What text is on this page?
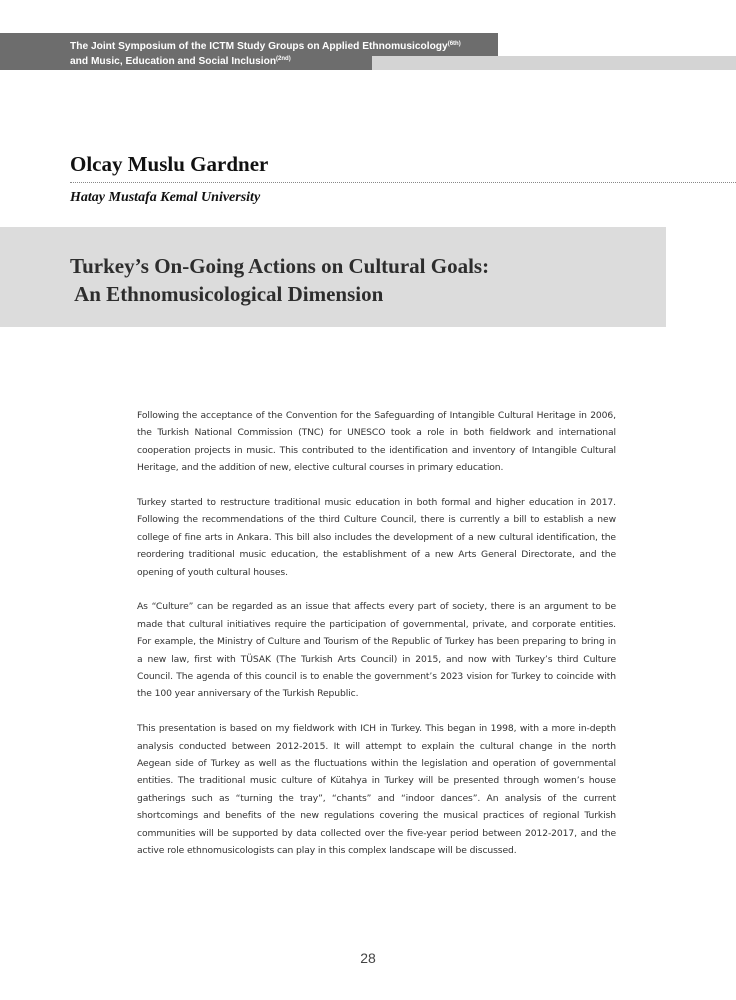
The Joint Symposium of the ICTM Study Groups on Applied Ethnomusicology$^{(6th)}$
and Music, Education and Social Inclusion$^{(2nd)}$
Olcay Muslu Gardner
Hatay Mustafa Kemal University
Turkey’s On-Going Actions on Cultural Goals:
An Ethnomusicological Dimension

Following the acceptance of the Convention for the Safeguarding of Intangible Cultural Heritage in 2006, the Turkish National Commission (TNC) for UNESCO took a role in both fieldwork and international cooperation projects in music. This contributed to the identification and inventory of Intangible Cultural Heritage, and the addition of new, elective cultural courses in primary education.

Turkey started to restructure traditional music education in both formal and higher education in 2017. Following the recommendations of the third Culture Council, there is currently a bill to establish a new college of fine arts in Ankara. This bill also includes the development of a new cultural identification, the reordering traditional music education, the establishment of a new Arts General Directorate, and the opening of youth cultural houses.

As “Culture” can be regarded as an issue that affects every part of society, there is an argument to be made that cultural initiatives require the participation of governmental, private, and corporate entities. For example, the Ministry of Culture and Tourism of the Republic of Turkey has been preparing to bring in a new law, first with TÜSAK (The Turkish Arts Council) in 2015, and now with Turkey’s third Culture Council. The agenda of this council is to enable the government’s 2023 vision for Turkey to coincide with the 100 year anniversary of the Turkish Republic.

This presentation is based on my fieldwork with ICH in Turkey. This began in 1998, with a more in-depth analysis conducted between 2012-2015. It will attempt to explain the cultural change in the north Aegean side of Turkey as well as the fluctuations within the legislation and operation of governmental entities. The traditional music culture of Kütahya in Turkey will be presented through women’s house gatherings such as “turning the tray”, “chants” and “indoor dances”. An analysis of the current shortcomings and benefits of the new regulations covering the musical practices of regional Turkish communities will be supported by data collected over the five-year period between 2012-2017, and the active role ethnomusicologists can play in this complex landscape will be discussed.

28
